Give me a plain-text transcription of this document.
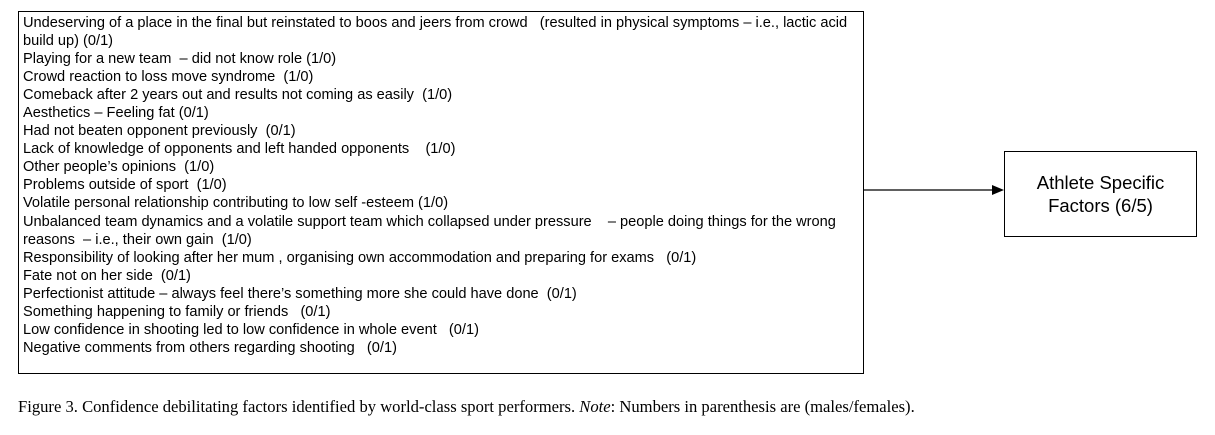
Undeserving of a place in the final but reinstated to boos and jeers from crowd   (resulted in physical symptoms – i.e., lactic acid build up) (0/1)
Playing for a new team  – did not know role (1/0)
Crowd reaction to loss move syndrome  (1/0)
Comeback after 2 years out and results not coming as easily  (1/0)
Aesthetics – Feeling fat (0/1)
Had not beaten opponent previously  (0/1)
Lack of knowledge of opponents and left handed opponents    (1/0)
Other people’s opinions  (1/0)
Problems outside of sport  (1/0)
Volatile personal relationship contributing to low self -esteem (1/0)
Unbalanced team dynamics and a volatile support team which collapsed under pressure    – people doing things for the wrong reasons  – i.e., their own gain  (1/0)
Responsibility of looking after her mum , organising own accommodation and preparing for exams   (0/1)
Fate not on her side  (0/1)
Perfectionist attitude – always feel there’s something more she could have done  (0/1)
Something happening to family or friends   (0/1)
Low confidence in shooting led to low confidence in whole event   (0/1)
Negative comments from others regarding shooting   (0/1)
Athlete Specific Factors (6/5)
Figure 3. Confidence debilitating factors identified by world-class sport performers. Note: Numbers in parenthesis are (males/females).
